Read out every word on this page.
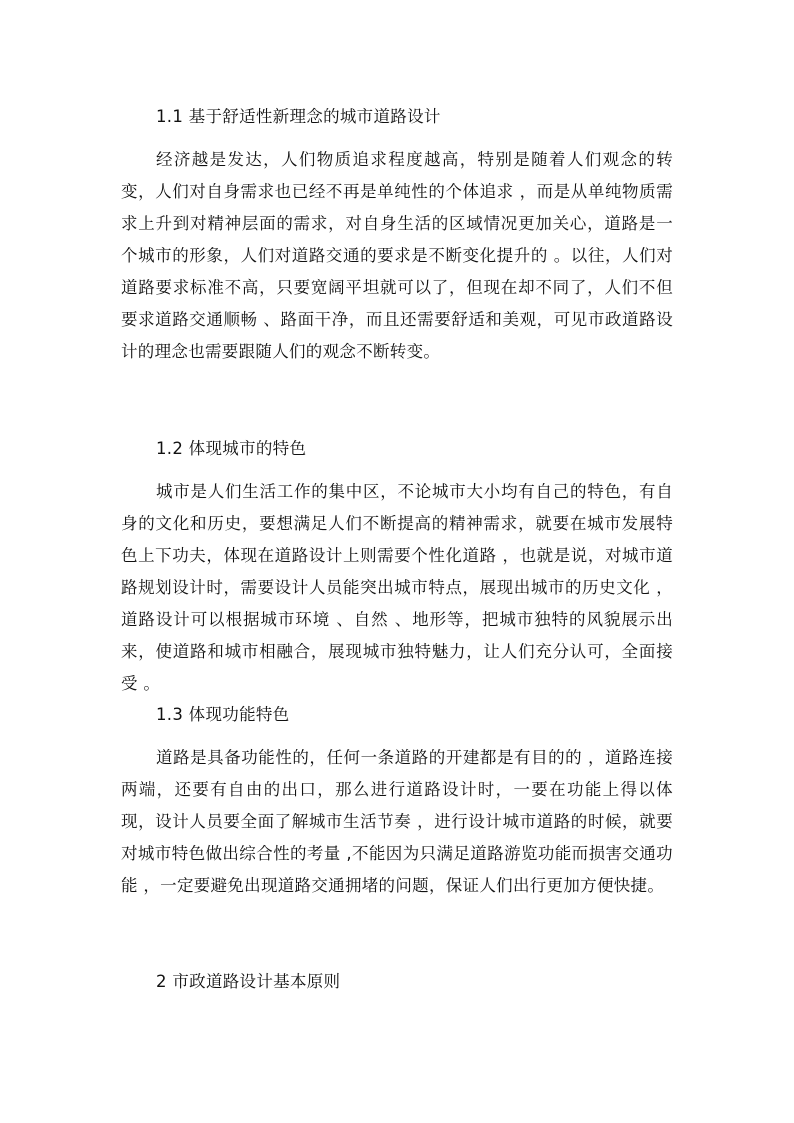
1.1 基于舒适性新理念的城市道路设计
经济越是发达，人们物质追求程度越高，特别是随着人们观念的转变，人们对自身需求也已经不再是单纯性的个体追求 ，而是从单纯物质需求上升到对精神层面的需求，对自身生活的区域情况更加关心，道路是一个城市的形象，人们对道路交通的要求是不断变化提升的 。以往，人们对道路要求标准不高，只要宽阔平坦就可以了，但现在却不同了，人们不但要求道路交通顺畅 、路面干净，而且还需要舒适和美观，可见市政道路设计的理念也需要跟随人们的观念不断转变。
1.2 体现城市的特色
城市是人们生活工作的集中区，不论城市大小均有自己的特色，有自身的文化和历史，要想满足人们不断提高的精神需求，就要在城市发展特色上下功夫，体现在道路设计上则需要个性化道路 ，也就是说，对城市道路规划设计时，需要设计人员能突出城市特点，展现出城市的历史文化 ，道路设计可以根据城市环境 、自然 、地形等，把城市独特的风貌展示出来，使道路和城市相融合，展现城市独特魅力，让人们充分认可，全面接受 。
1.3 体现功能特色
道路是具备功能性的，任何一条道路的开建都是有目的的 ，道路连接两端，还要有自由的出口，那么进行道路设计时，一要在功能上得以体现，设计人员要全面了解城市生活节奏 ，进行设计城市道路的时候，就要对城市特色做出综合性的考量 ,不能因为只满足道路游览功能而损害交通功能 ，一定要避免出现道路交通拥堵的问题，保证人们出行更加方便快捷。
2 市政道路设计基本原则
